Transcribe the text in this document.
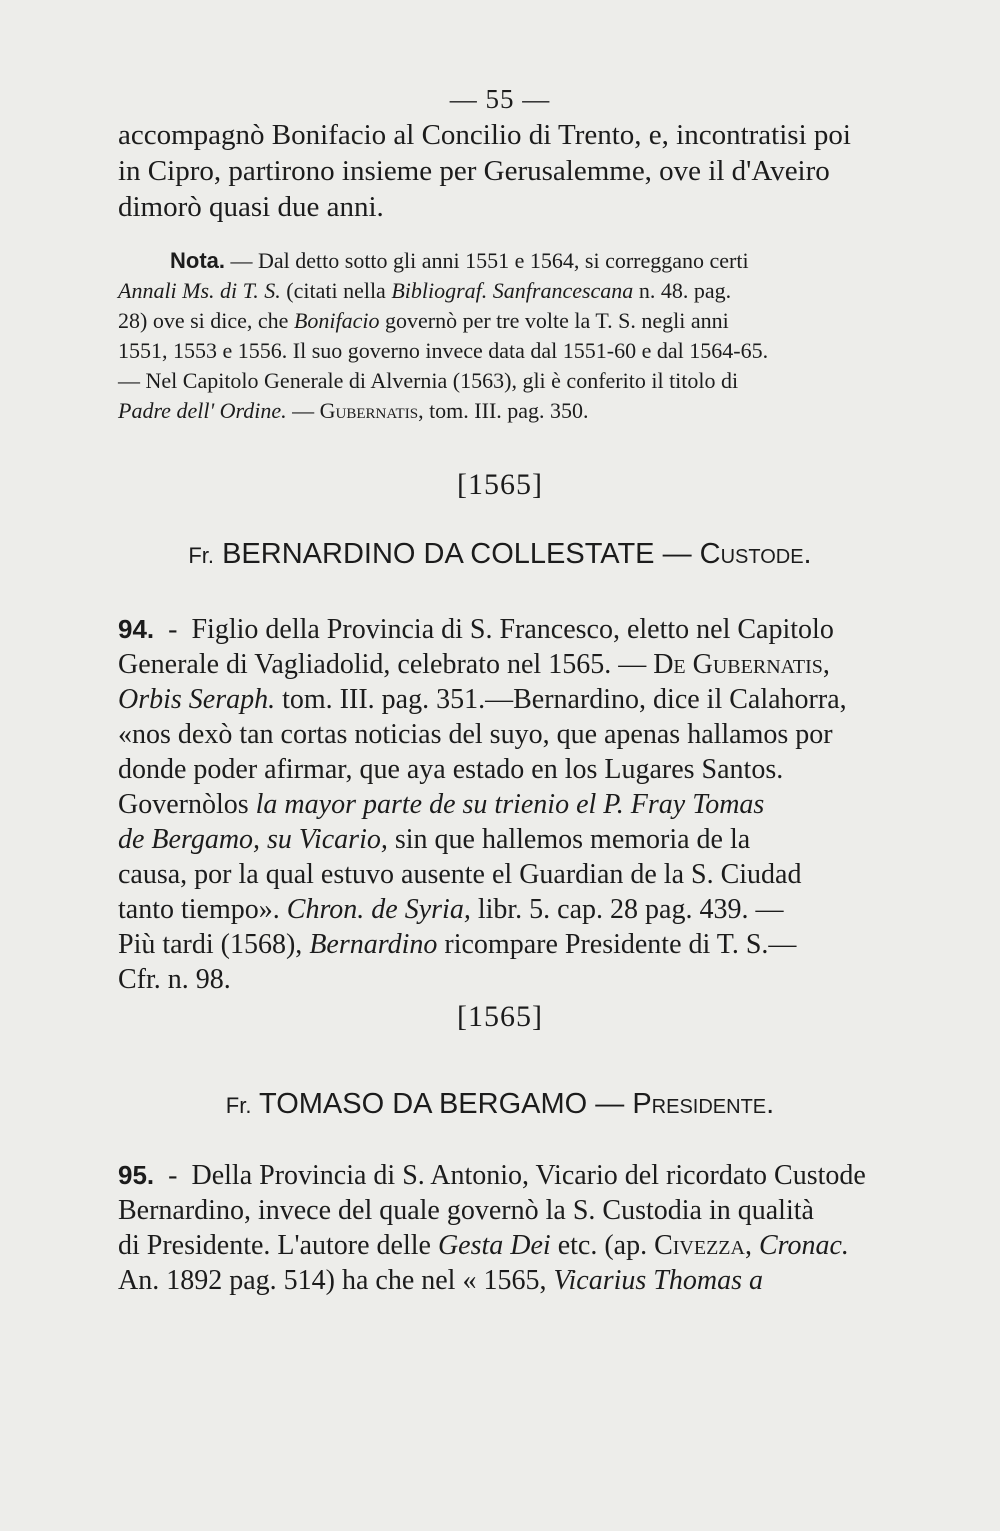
— 55 —
accompagnò Bonifacio al Concilio di Trento, e, incontratisi poi
in Cipro, partirono insieme per Gerusalemme, ove il d'Aveiro
dimorò quasi due anni.
Nota. — Dal detto sotto gli anni 1551 e 1564, si correggano certi
Annali Ms. di T. S. (citati nella Bibliograf. Sanfrancescana n. 48. pag.
28) ove si dice, che Bonifacio governò per tre volte la T. S. negli anni
1551, 1553 e 1556. Il suo governo invece data dal 1551-60 e dal 1564-65.
— Nel Capitolo Generale di Alvernia (1563), gli è conferito il titolo di
Padre dell' Ordine. — Gubernatis, tom. III. pag. 350.
[1565]
Fr. BERNARDINO DA COLLESTATE — Custode.
94. - Figlio della Provincia di S. Francesco, eletto nel Capitolo
Generale di Vagliadolid, celebrato nel 1565. — De Gubernatis,
Orbis Seraph. tom. III. pag. 351.—Bernardino, dice il Calahorra,
«nos dexò tan cortas noticias del suyo, que apenas hallamos por
donde poder afirmar, que aya estado en los Lugares Santos.
Governòlos la mayor parte de su trienio el P. Fray Tomas
de Bergamo, su Vicario, sin que hallemos memoria de la
causa, por la qual estuvo ausente el Guardian de la S. Ciudad
tanto tiempo». Chron. de Syria, libr. 5. cap. 28 pag. 439. —
Più tardi (1568), Bernardino ricompare Presidente di T. S.—
Cfr. n. 98.
[1565]
Fr. TOMASO DA BERGAMO — Presidente.
95. - Della Provincia di S. Antonio, Vicario del ricordato Custode
Bernardino, invece del quale governò la S. Custodia in qualità
di Presidente. L'autore delle Gesta Dei etc. (ap. Civezza, Cronac.
An. 1892 pag. 514) ha che nel « 1565, Vicarius Thomas a
